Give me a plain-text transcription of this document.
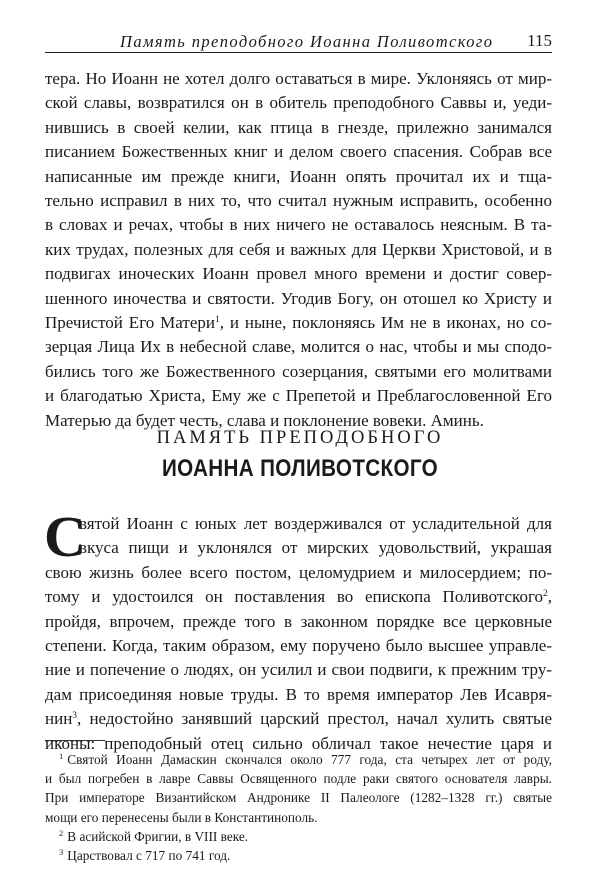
Память преподобного Иоанна Поливотского 115
тера. Но Иоанн не хотел долго оставаться в мире. Уклоняясь от мир-
ской славы, возвратился он в обитель преподобного Саввы и, уеди-
нившись в своей келии, как птица в гнезде, прилежно занимался
писанием Божественных книг и делом своего спасения. Собрав все
написанные им прежде книги, Иоанн опять прочитал их и тща-
тельно исправил в них то, что считал нужным исправить, особенно
в словах и речах, чтобы в них ничего не оставалось неясным. В та-
ких трудах, полезных для себя и важных для Церкви Христовой, и в
подвигах иноческих Иоанн провел много времени и достиг совер-
шенного иночества и святости. Угодив Богу, он отошел ко Христу и
Пречистой Его Матери$^1$, и ныне, поклоняясь Им не в иконах, но со-
зерцая Лица Их в небесной славе, молится о нас, чтобы и мы сподо-
бились того же Божественного созерцания, святыми его молитвами
и благодатью Христа, Ему же с Препетой и Преблагословенной Его
Матерью да будет честь, слава и поклонение вовеки. Аминь.
ПАМЯТЬ ПРЕПОДОБНОГО
ИОАННА ПОЛИВОТСКОГО
С
вятой Иоанн с юных лет воздерживался от усладительной для
вкуса пищи и уклонялся от мирских удовольствий, украшая
свою жизнь более всего постом, целомудрием и милосердием; по-
тому и удостоился он поставления во епископа Поливотского$^2$,
пройдя, впрочем, прежде того в законном порядке все церковные
степени. Когда, таким образом, ему поручено было высшее управле-
ние и попечение о людях, он усилил и свои подвиги, к прежним тру-
дам присоединяя новые труды. В то время император Лев Исавря-
нин$^3$, недостойно занявший царский престол, начал хулить святые
иконы: преподобный отец сильно обличал такое нечестие царя и
$^1$ Святой Иоанн Дамаскин скончался около 777 года, ста четырех лет от роду,
и был погребен в лавре Саввы Освященного подле раки святого основателя лавры.
При императоре Византийском Андронике II Палеологе (1282–1328 гг.) святые
мощи его перенесены были в Константинополь.
$^2$ В асийской Фригии, в VIII веке.
$^3$ Царствовал с 717 по 741 год.
